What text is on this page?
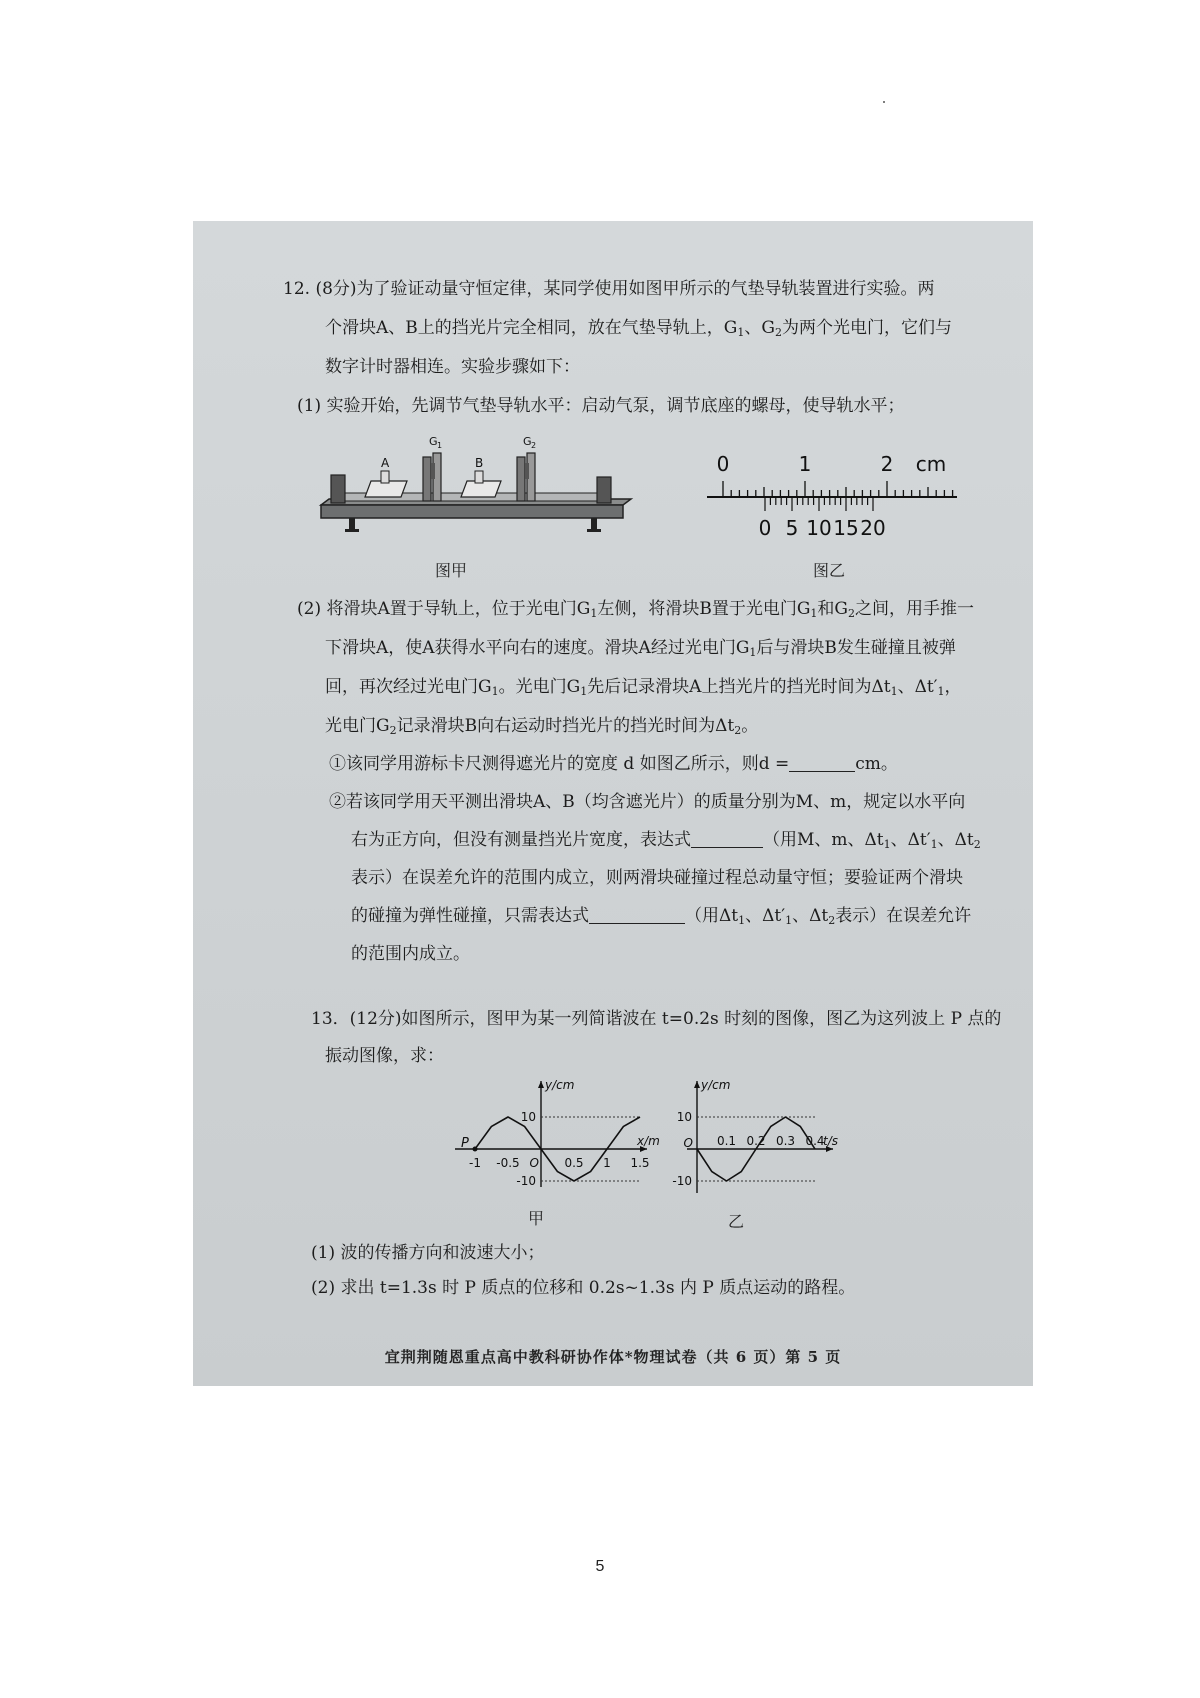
12. (8分)为了验证动量守恒定律，某同学使用如图甲所示的气垫导轨装置进行实验。两
个滑块A、B上的挡光片完全相同，放在气垫导轨上，$G_1$、$G_2$为两个光电门，它们与
数字计时器相连。实验步骤如下：
(1) 实验开始，先调节气垫导轨水平：启动气泵，调节底座的螺母，使导轨水平；
A	B
G 1	G 2
图甲
0	1	2 cm
0 5 10 15 20
图乙
(2) 将滑块A置于导轨上，位于光电门$G_1$左侧，将滑块B置于光电门$G_1$和$G_2$之间，用手推一
下滑块A，使A获得水平向右的速度。滑块A经过光电门$G_1$后与滑块B发生碰撞且被弹
回，再次经过光电门$G_1$。光电门$G_1$先后记录滑块A上挡光片的挡光时间为$\Delta t_1$、$\Delta t'_1$，
光电门$G_2$记录滑块B向右运动时挡光片的挡光时间为$\Delta t_2$。
①该同学用游标卡尺测得遮光片的宽度 d 如图乙所示，则d =	cm。
②若该同学用天平测出滑块A、B（均含遮光片）的质量分别为M、m，规定以水平向
右为正方向，但没有测量挡光片宽度，表达式	（用M、m、$\Delta t_1$、$\Delta t'_1$、$\Delta t_2$
表示）在误差允许的范围内成立，则两滑块碰撞过程总动量守恒；要验证两个滑块
的碰撞为弹性碰撞，只需表达式	（用$\Delta t_1$、$\Delta t'_1$、$\Delta t_2$表示）在误差允许
的范围内成立。
13．(12分)如图所示，图甲为某一列简谐波在 t=0.2s 时刻的图像，图乙为这列波上 P 点的
振动图像，求：
y/cm
x/m
10
-10
-1 -0.5	0.5 1 1.5
O
P
甲
y/cm
t/s
10
-10
0.1 0.2 0.3 0.4
O
乙
(1) 波的传播方向和波速大小；
(2) 求出 t=1.3s 时 P 质点的位移和 0.2s~1.3s 内 P 质点运动的路程。
宜荆荆随恩重点高中教科研协作体*物理试卷（共 6 页）第 5 页
5
